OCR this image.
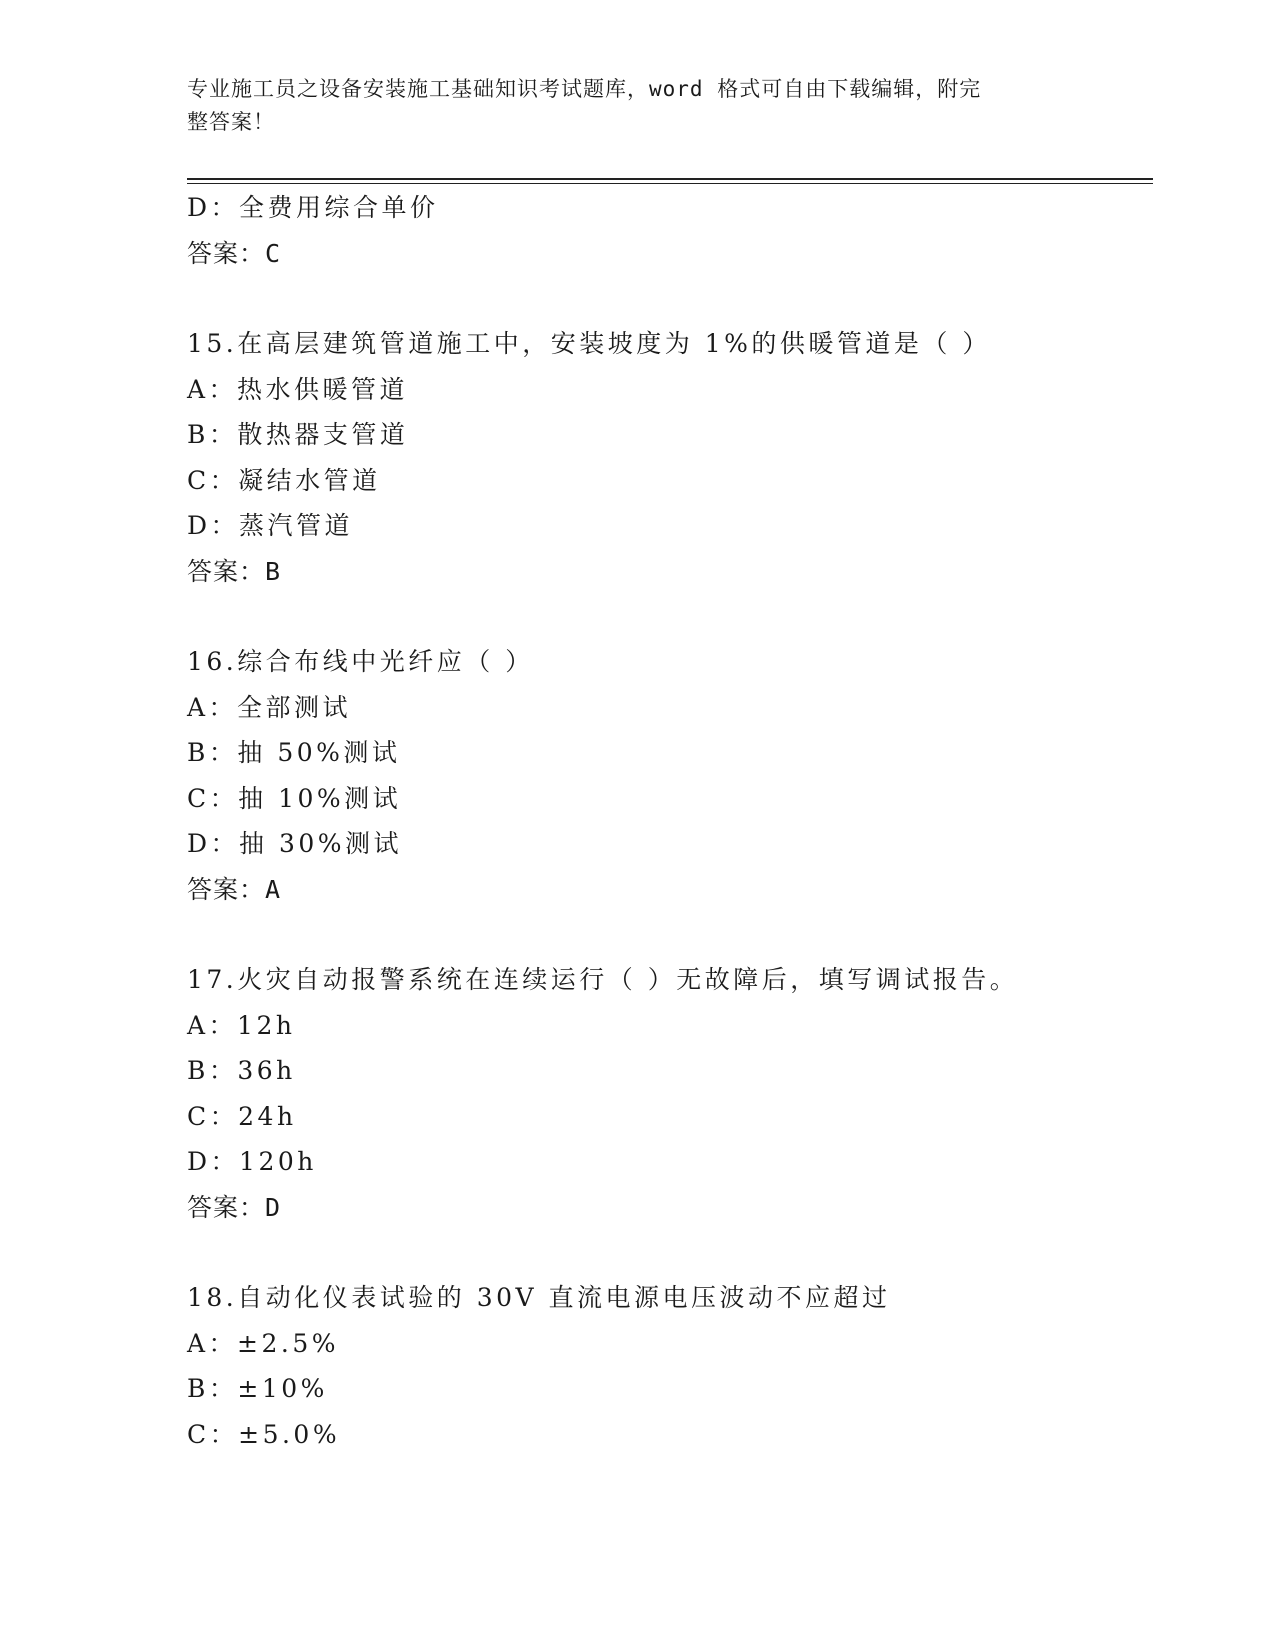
专业施工员之设备安装施工基础知识考试题库，word 格式可自由下载编辑，附完
整答案！
D：全费用综合单价
答案：C
15.在高层建筑管道施工中，安装坡度为 1%的供暖管道是（ ）
A：热水供暖管道
B：散热器支管道
C：凝结水管道
D：蒸汽管道
答案：B
16.综合布线中光纤应（ ）
A：全部测试
B：抽 50%测试
C：抽 10%测试
D：抽 30%测试
答案：A
17.火灾自动报警系统在连续运行（ ）无故障后，填写调试报告。
A：12h
B：36h
C：24h
D：120h
答案：D
18.自动化仪表试验的 30V 直流电源电压波动不应超过
A：±2.5%
B：±10%
C：±5.0%
